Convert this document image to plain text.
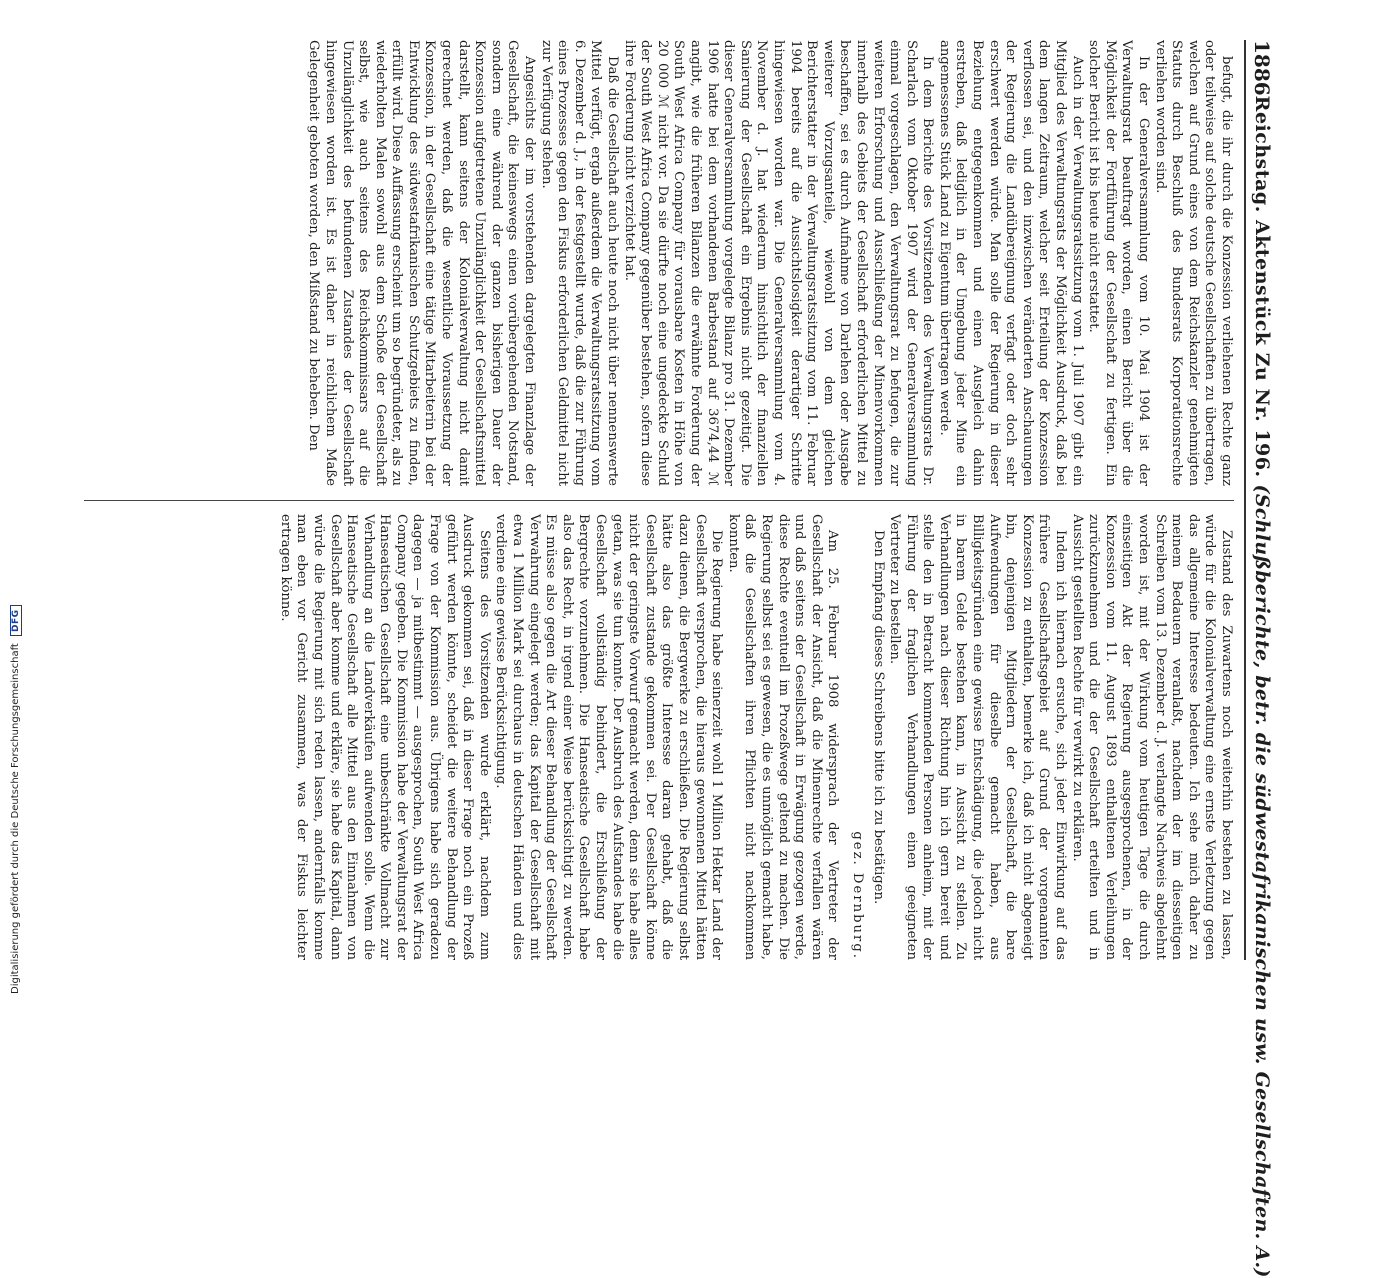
1886
Reichstag. Aktenstück Zu Nr. 196. (Schlußberichte, betr. die südwestafrikanischen usw. Gesellschaften. A.)

befugt, die ihr durch die Konzession verliehenen Rechte ganz oder teilweise auf solche deutsche Gesellschaften zu übertragen, welchen auf Grund eines von dem Reichskanzler genehmigten Statuts durch Beschluß des Bundesrats Korporationsrechte verliehen worden sind.

In der Generalversammlung vom 10. Mai 1904 ist der Verwaltungsrat beauftragt worden, einen Bericht über die Möglichkeit der Fortführung der Gesellschaft zu fertigen. Ein solcher Bericht ist bis heute nicht erstattet.

Auch in der Verwaltungsratssitzung vom 1. Juli 1907 gibt ein Mitglied des Verwaltungsrats der Möglichkeit Ausdruck, daß bei dem langen Zeitraum, welcher seit Erteilung der Konzession verflossen sei, und den inzwischen veränderten Anschauungen der Regierung die Landübereignung verfagt oder doch sehr erschwert werden würde. Man solle der Regierung in dieser Beziehung entgegenkommen und einen Ausgleich dahin erstreben, daß lediglich in der Umgebung jeder Mine ein angemessenes Stück Land zu Eigentum übertragen werde.

In dem Berichte des Vorsitzenden des Verwaltungsrats Dr. Scharlach vom Oktober 1907 wird der Generalversammlung einmal vorgeschlagen, den Verwaltungsrat zu befugen, die zur weiteren Erforschung und Ausschließung der Minenvorkommen innerhalb des Gebiets der Gesellschaft erforderlichen Mittel zu beschaffen, sei es durch Aufnahme von Darlehen oder Ausgabe weiterer Vorzugsanteile, wiewohl von dem gleichen Berichterstatter in der Verwaltungsratssitzung vom 11. Februar 1904 bereits auf die Aussichtslosigkeit derartiger Schritte hingewiesen worden war. Die Generalversammlung vom 4. November d. J. hat wiederum hinsichtlich der finanziellen Sanierung der Gesellschaft ein Ergebnis nicht gezeitigt. Die dieser Generalversammlung vorgelegte Bilanz pro 31. Dezember 1906 hatte bei dem vorhandenen Barbestand auf 3674,44 ℳ angibt, wie die früheren Bilanzen die erwähnte Forderung der South West Africa Company für vorausbare Kosten in Höhe von 20 000 ℳ nicht vor. Da sie dürfte noch eine ungedeckte Schuld der South West Africa Company gegenüber bestehen, sofern diese ihre Forderung nicht verzichtet hat.

Daß die Gesellschaft auch heute noch nicht über nennenswerte Mittel verfügt, ergab außerdem die Verwaltungsratssitzung vom 6. Dezember d. J., in der festgestellt wurde, daß die zur Führung eines Prozesses gegen den Fiskus erforderlichen Geldmittel nicht zur Verfügung stehen.

Angesichts der im vorstehenden dargelegten Finanzlage der Gesellschaft, die keineswegs einen vorübergehenden Notstand, sondern eine während der ganzen bisherigen Dauer der Konzession aufgetretene Unzulänglichkeit der Gesellschaftsmittel darstellt, kann seitens der Kolonialverwaltung nicht damit gerechnet werden, daß die wesentliche Voraussetzung der Konzession, in der Gesellschaft eine tätige Mitarbeiterin bei der Entwicklung des südwestafrikanischen Schutzgebiets zu finden, erfüllt wird. Diese Auffassung erscheint um so begründeter, als zu wiederholten Malen sowohl aus dem Schoße der Gesellschaft selbst, wie auch seitens des Reichskommissars auf die Unzulänglichkeit des befundenen Zustandes der Gesellschaft hingewiesen worden ist. Es ist daher in reichlichem Maße Gelegenheit geboten worden, den Mißstand zu beheben. Den

Zustand des Zuwartens noch weiterhin bestehen zu lassen, würde für die Kolonialverwaltung eine ernste Verletzung gegen das allgemeine Interesse bedeuten. Ich sehe mich daher zu meinem Bedauern veranlaßt, nachdem der im diesseitigen Schreiben vom 13. Dezember d. J. verlangte Nachweis abgelehnt worden ist, mit der Wirkung vom heutigen Tage die durch einseitigen Akt der Regierung ausgesprochenen, in der Konzession vom 11. August 1893 enthaltenen Verleihungen zurückzunehmen und die der Gesellschaft erteilten und in Aussicht gestellten Rechte für verwirkt zu erklären.

Indem ich hiernach ersuche, sich jeder Einwirkung auf das frühere Gesellschaftsgebiet auf Grund der vorgenannten Konzession zu enthalten, bemerke ich, daß ich nicht abgeneigt bin, denjenigen Mitgliedern der Gesellschaft, die bare Aufwendungen für dieselbe gemacht haben, aus Billigkeitsgründen eine gewisse Entschädigung, die jedoch nicht in barem Gelde bestehen kann, in Aussicht zu stellen. Zu Verhandlungen nach dieser Richtung hin ich gern bereit und stelle den in Betracht kommenden Personen anheim, mit der Führung der fraglichen Verhandlungen einen geeigneten Vertreter zu bestellen.

Den Empfang dieses Schreibens bitte ich zu bestätigen.

gez. Dernburg.

Am 25. Februar 1908 widersprach der Vertreter der Gesellschaft der Ansicht, daß die Minenrechte verfallen wären und daß seitens der Gesellschaft in Erwägung gezogen werde, diese Rechte eventuell im Prozeßwege geltend zu machen. Die Regierung selbst sei es gewesen, die es unmöglich gemacht habe, daß die Gesellschaften ihren Pflichten nicht nachkommen konnten.

Die Regierung habe seinerzeit wohl 1 Million Hektar Land der Gesellschaft versprochen, die hieraus gewonnenen Mittel hätten dazu dienen, die Bergwerke zu erschließen. Die Regierung selbst hätte also das größte Interesse daran gehabt, daß die Gesellschaft zustande gekommen sei. Der Gesellschaft könne nicht der geringste Vorwurf gemacht werden, denn sie habe alles getan, was sie tun konnte. Der Ausbruch des Aufstandes habe die Gesellschaft vollständig behindert, die Erschließung der Bergrechte vorzunehmen. Die Hanseatische Gesellschaft habe also das Recht, in irgend einer Weise berücksichtigt zu werden. Es müsse also gegen die Art dieser Behandlung der Gesellschaft Verwahrung eingelegt werden; das Kapital der Gesellschaft mit etwa 1 Million Mark sei durchaus in deutschen Händen und dies verdiene eine gewisse Berücksichtigung.

Seitens des Vorsitzenden wurde erklärt, nachdem zum Ausdruck gekommen sei, daß in dieser Frage noch ein Prozeß geführt werden könnte, scheidet die weitere Behandlung der Frage von der Kommission aus. Übrigens habe sich geradezu dagegen — ja mitbestimmt — ausgesprochen, South West Africa Company gegeben. Die Kommission habe der Verwaltungsrat der Hanseatischen Gesellschaft eine unbeschränkte Vollmacht zur Verhandlung an die Landverkäufen aufwenden solle. Wenn die Hanseatische Gesellschaft alle Mittel aus den Einnahmen von Gesellschaft aber komme und erkläre, sie habe das Kapital, dann würde die Regierung mit sich reden lassen, andernfalls komme man eben vor Gericht zusammen, was der Fiskus leichter ertragen könne.

Digitalisierung gefördert durch die Deutsche Forschungsgemeinschaft DFG
